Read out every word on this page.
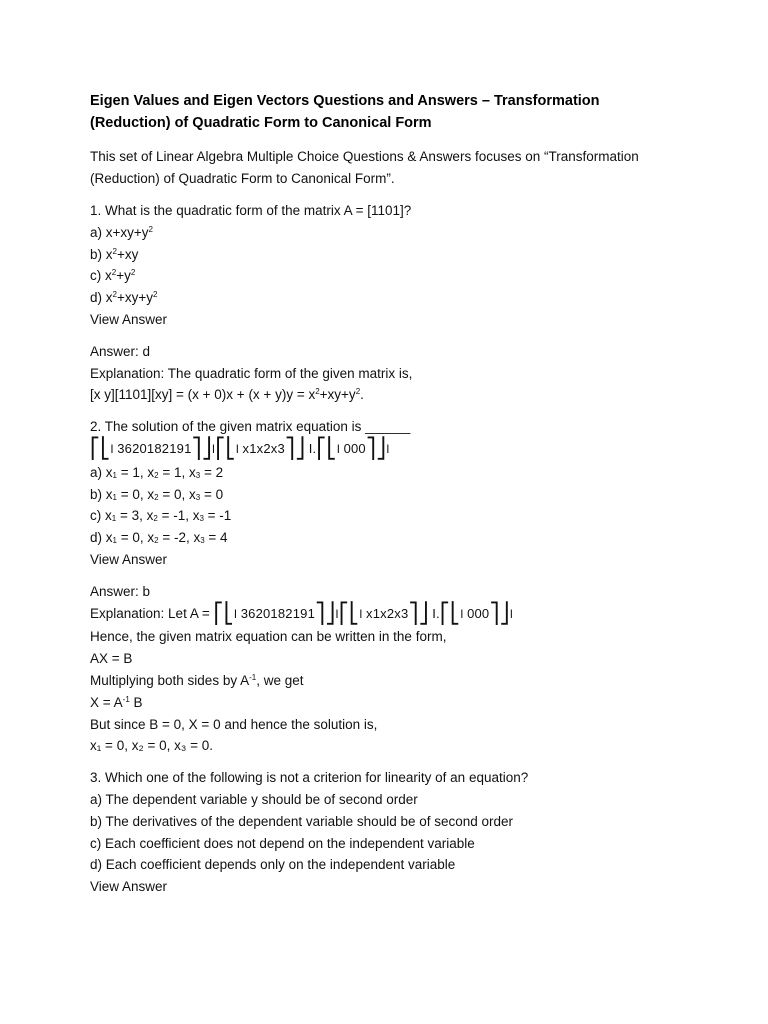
Eigen Values and Eigen Vectors Questions and Answers – Transformation (Reduction) of Quadratic Form to Canonical Form
This set of Linear Algebra Multiple Choice Questions & Answers focuses on “Transformation (Reduction) of Quadratic Form to Canonical Form”.
1. What is the quadratic form of the matrix A = [1101]?
a) $x+xy+y^2$
b) $x^2+xy$
c) $x^2+y^2$
d) $x^2+xy+y^2$
View Answer
Answer: d
Explanation: The quadratic form of the given matrix is,
[x $y][1101][xy] = (x + 0)x + (x + y)y = x^2+xy+y^2$.
2. The solution of the given matrix equation is ______
⎡⎣I 3620182191⎤⎦I⎡⎣I x1x2x3⎤⎦ I.⎡⎣I 000⎤⎦I
a) $x_1 = 1$, $x_2 = 1$, $x_3 = 2$
b) $x_1 = 0$, $x_2 = 0$, $x_3 = 0$
c) $x_1 = 3$, $x_2 = -1$, $x_3 = -1$
d) $x_1 = 0$, $x_2 = -2$, $x_3 = 4$
View Answer
Answer: b
Explanation: Let A = ⎡⎣I 3620182191⎤⎦I⎡⎣I x1x2x3⎤⎦ I.⎡⎣I 000⎤⎦I
Hence, the given matrix equation can be written in the form,
AX = B
Multiplying both sides by $A^{-1}$, we get
$X = A^{-1}$ B
But since B = 0, X = 0 and hence the solution is,
x₁ = 0, x₂ = 0, x₃ = 0.
3. Which one of the following is not a criterion for linearity of an equation?
a) The dependent variable y should be of second order
b) The derivatives of the dependent variable should be of second order
c) Each coefficient does not depend on the independent variable
d) Each coefficient depends only on the independent variable
View Answer
